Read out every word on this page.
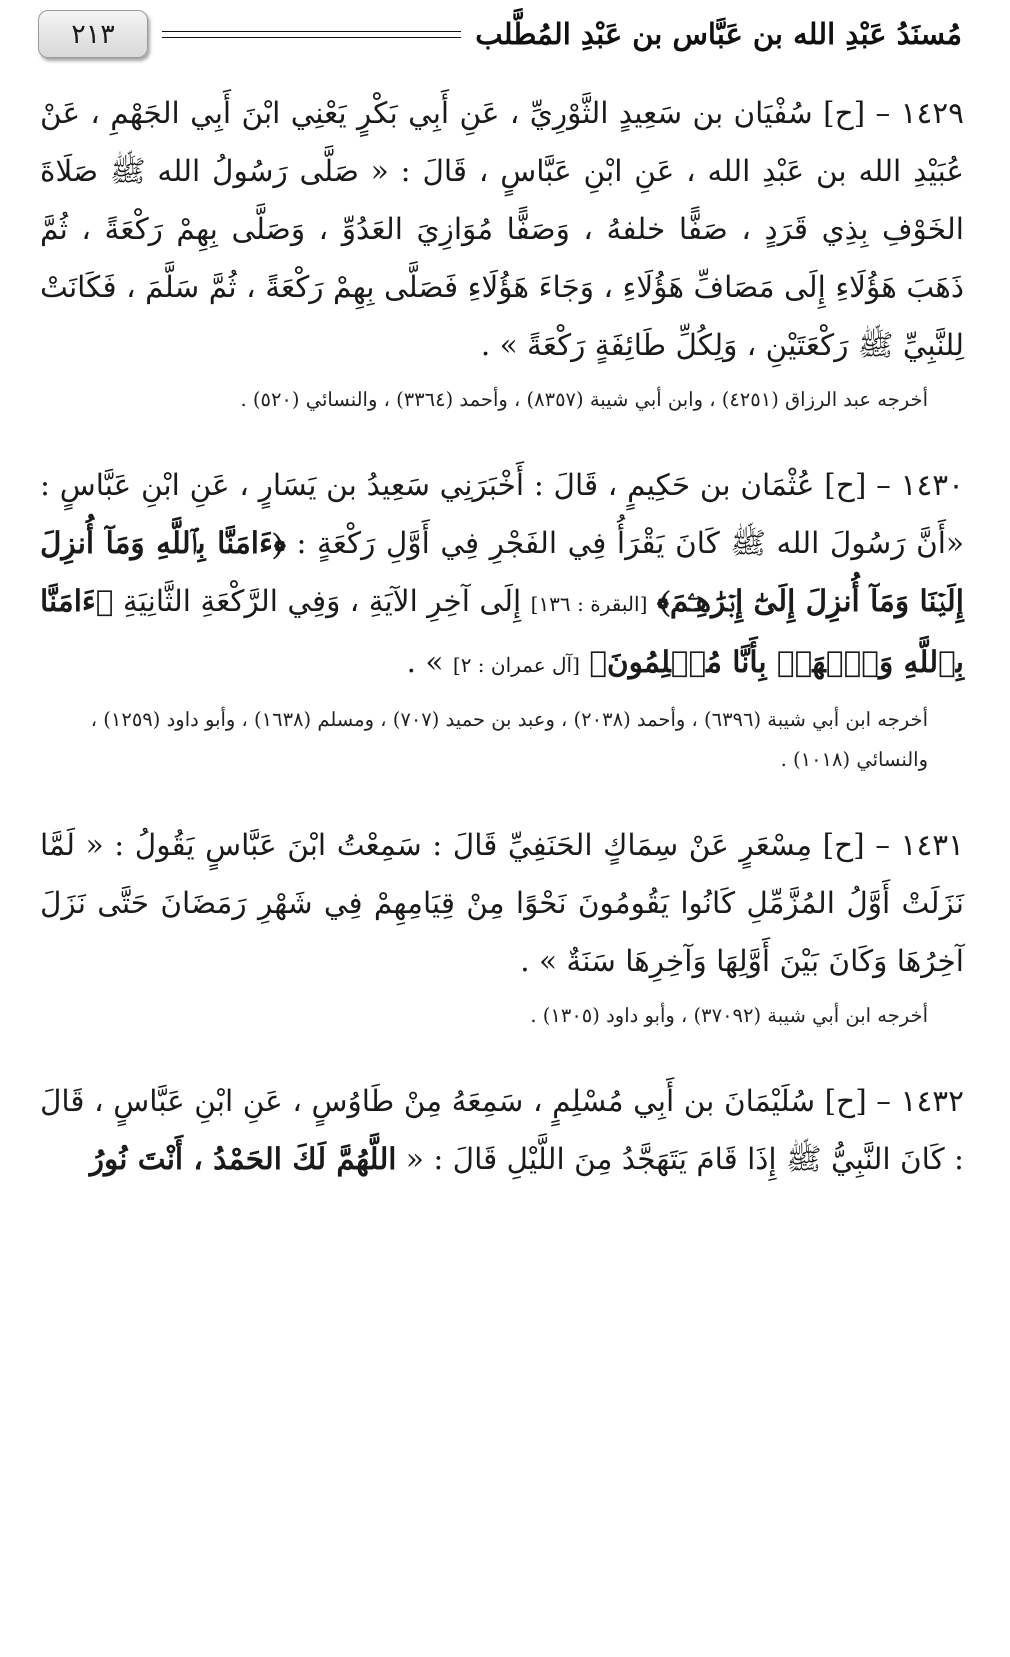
مُسنَدُ عَبْدِ الله بن عَبَّاس بن عَبْدِ المُطَّلب
٢١٣

١٤٢٩ – [ح] سُفْيَان بن سَعِيدٍ الثَّوْرِيِّ ، عَنِ أَبِي بَكْرٍ يَعْنِي ابْنَ أَبِي الجَهْمِ ، عَنْ عُبَيْدِ الله بن عَبْدِ الله ، عَنِ ابْنِ عَبَّاسٍ ، قَالَ : « صَلَّى رَسُولُ الله ﷺ صَلَاةَ الخَوْفِ بِذِي قَرَدٍ ، صَفًّا خلفهُ ، وَصَفًّا مُوَازِيَ العَدُوِّ ، وَصَلَّى بِهِمْ رَكْعَةً ، ثُمَّ ذَهَبَ هَؤُلَاءِ إِلَى مَصَافِّ هَؤُلَاءِ ، وَجَاءَ هَؤُلَاءِ فَصَلَّى بِهِمْ رَكْعَةً ، ثُمَّ سَلَّمَ ، فَكَانَتْ لِلنَّبِيِّ ﷺ رَكْعَتَيْنِ ، وَلِكُلِّ طَائِفَةٍ رَكْعَةً » .

أخرجه عبد الرزاق (٤٢٥١) ، وابن أبي شيبة (٨٣٥٧) ، وأحمد (٣٣٦٤) ، والنسائي (٥٢٠) .

١٤٣٠ – [ح] عُثْمَان بن حَكِيمٍ ، قَالَ : أَخْبَرَنِي سَعِيدُ بن يَسَارٍ ، عَنِ ابْنِ عَبَّاسٍ : «أَنَّ رَسُولَ الله ﷺ كَانَ يَقْرَأُ فِي الفَجْرِ فِي أَوَّلِ رَكْعَةٍ : ﴿ءَامَنَّا بِٱللَّهِ وَمَآ أُنزِلَ إِلَيۡنَا وَمَآ أُنزِلَ إِلَىٰٓ إِبۡرَٰهِـۧمَ﴾ [البقرة : ١٣٦] إِلَى آخِرِ الآيَةِ ، وَفِي الرَّكْعَةِ الثَّانِيَةِ ﴿ءَامَنَّا بِٱللَّهِ وَٱشۡهَدۡ بِأَنَّا مُسۡلِمُونَ﴾ [آل عمران : ٢] » .

أخرجه ابن أبي شيبة (٦٣٩٦) ، وأحمد (٢٠٣٨) ، وعبد بن حميد (٧٠٧) ، ومسلم (١٦٣٨) ، وأبو داود (١٢٥٩) ، والنسائي (١٠١٨) .

١٤٣١ – [ح] مِسْعَرٍ عَنْ سِمَاكٍ الحَنَفِيِّ قَالَ : سَمِعْتُ ابْنَ عَبَّاسٍ يَقُولُ : « لَمَّا نَزَلَتْ أَوَّلُ المُزَّمِّلِ كَانُوا يَقُومُونَ نَحْوًا مِنْ قِيَامِهِمْ فِي شَهْرِ رَمَضَانَ حَتَّى نَزَلَ آخِرُهَا وَكَانَ بَيْنَ أَوَّلِهَا وَآخِرِهَا سَنَةٌ » .

أخرجه ابن أبي شيبة (٣٧٠٩٢) ، وأبو داود (١٣٠٥) .

١٤٣٢ – [ح] سُلَيْمَانَ بن أَبِي مُسْلِمٍ ، سَمِعَهُ مِنْ طَاوُسٍ ، عَنِ ابْنِ عَبَّاسٍ ، قَالَ : كَانَ النَّبِيُّ ﷺ إِذَا قَامَ يَتَهَجَّدُ مِنَ اللَّيْلِ قَالَ : « اللَّهُمَّ لَكَ الحَمْدُ ، أَنْتَ نُورُ
